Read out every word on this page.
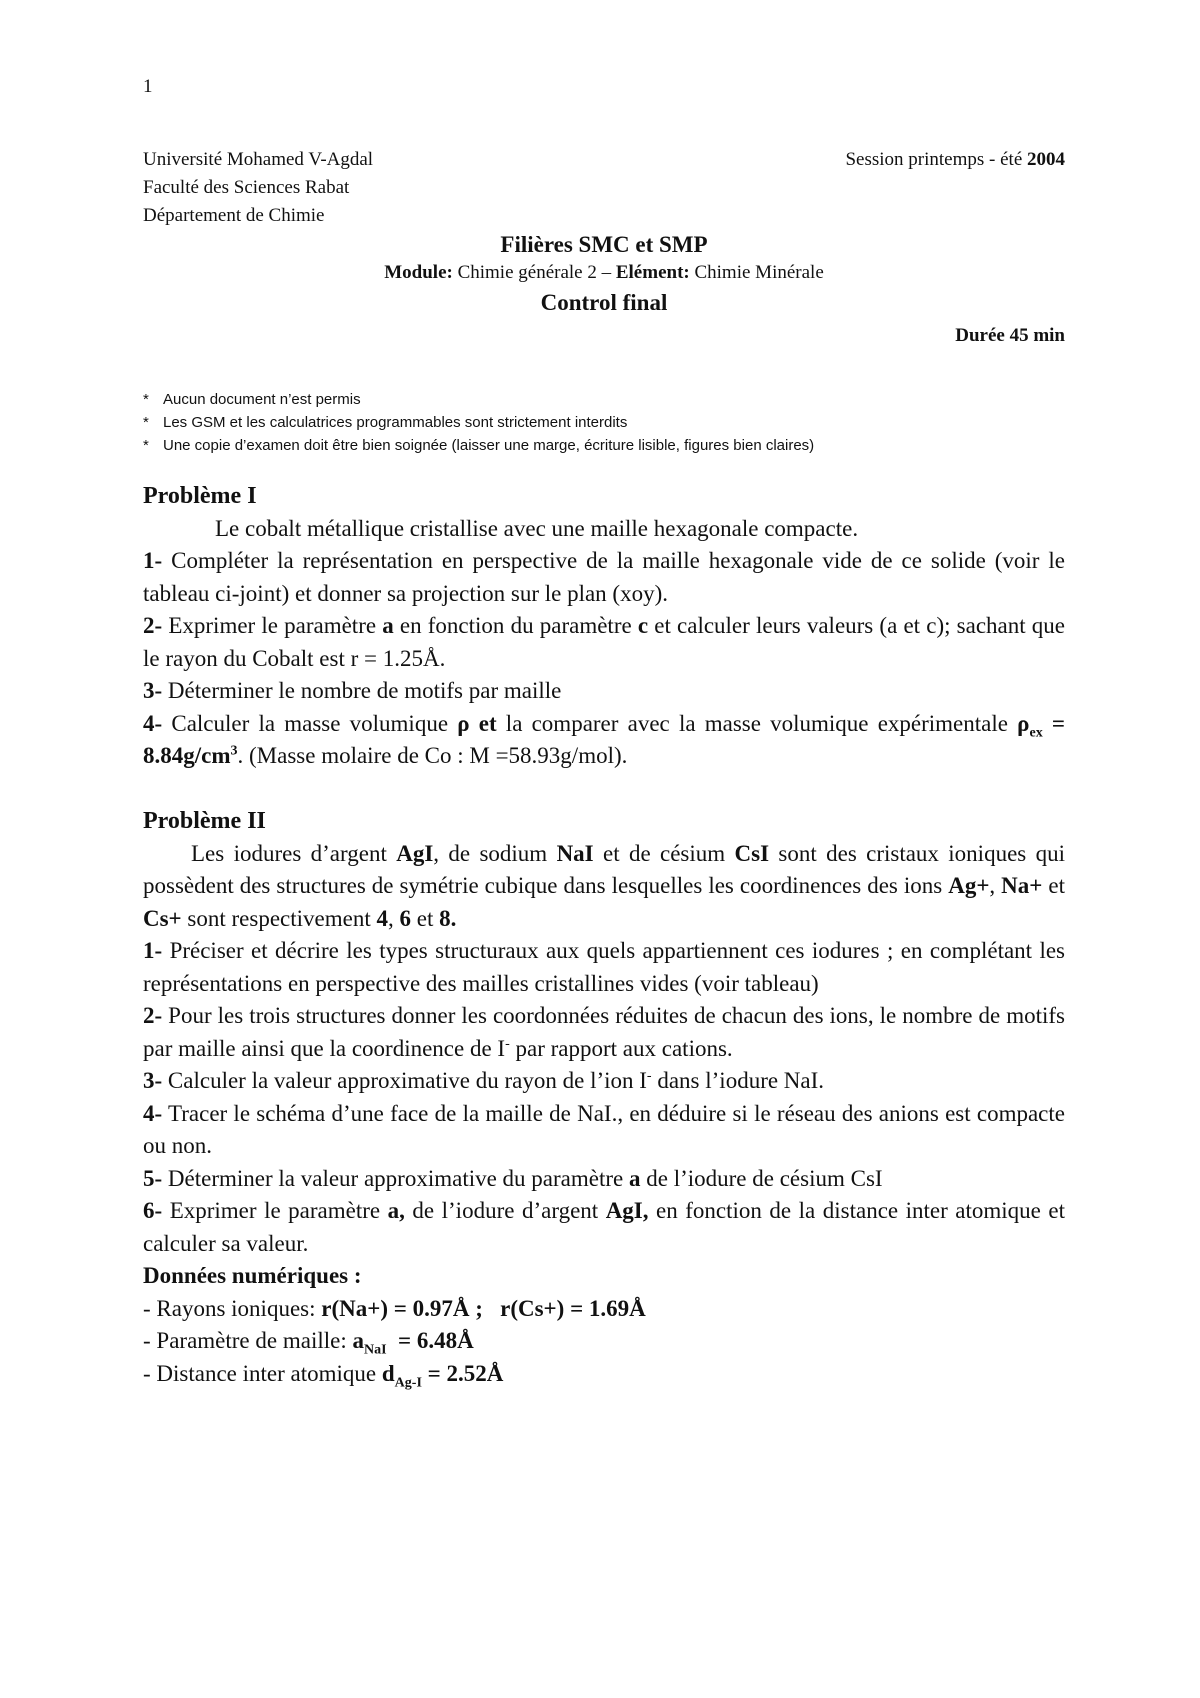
1
Université Mohamed V-Agdal
Faculté des Sciences Rabat
Département de Chimie
Session printemps - été 2004
Filières SMC et SMP
Module: Chimie générale 2 – Elément: Chimie Minérale
Control final
Durée 45 min
* Aucun document n’est permis
* Les GSM et les calculatrices programmables sont strictement interdits
* Une copie d’examen doit être bien soignée (laisser une marge, écriture lisible, figures bien claires)

Problème I

Le cobalt métallique cristallise avec une maille hexagonale compacte.

1- Compléter la représentation en perspective de la maille hexagonale vide de ce solide (voir le tableau ci-joint) et donner sa projection sur le plan (xoy).

2- Exprimer le paramètre a en fonction du paramètre c et calculer leurs valeurs (a et c); sachant que le rayon du Cobalt est r = 1.25Å.

3- Déterminer le nombre de motifs par maille

4- Calculer la masse volumique ρ et la comparer avec la masse volumique expérimentale $\rho_{ex} = 8.84g/cm^3$. (Masse molaire de Co : M =58.93g/mol).

Problème II

Les iodures d’argent AgI, de sodium NaI et de césium CsI sont des cristaux ioniques qui possèdent des structures de symétrie cubique dans lesquelles les coordinences des ions Ag+, Na+ et Cs+ sont respectivement 4, 6 et 8.

1- Préciser et décrire les types structuraux aux quels appartiennent ces iodures ; en complétant les représentations en perspective des mailles cristallines vides (voir tableau)

2- Pour les trois structures donner les coordonnées réduites de chacun des ions, le nombre de motifs par maille ainsi que la coordinence de I- par rapport aux cations.

3- Calculer la valeur approximative du rayon de l’ion I- dans l’iodure NaI.

4- Tracer le schéma d’une face de la maille de NaI., en déduire si le réseau des anions est compacte ou non.

5- Déterminer la valeur approximative du paramètre a de l’iodure de césium CsI

6- Exprimer le paramètre a, de l’iodure d’argent AgI, en fonction de la distance inter atomique et calculer sa valeur.

Données numériques :

- Rayons ioniques: r(Na+) = 0.97Å ; r(Cs+) = 1.69Å

- Paramètre de maille: $a_{NaI}$  = 6.48Å

- Distance inter atomique $d_{Ag-I}$ = 2.52Å
